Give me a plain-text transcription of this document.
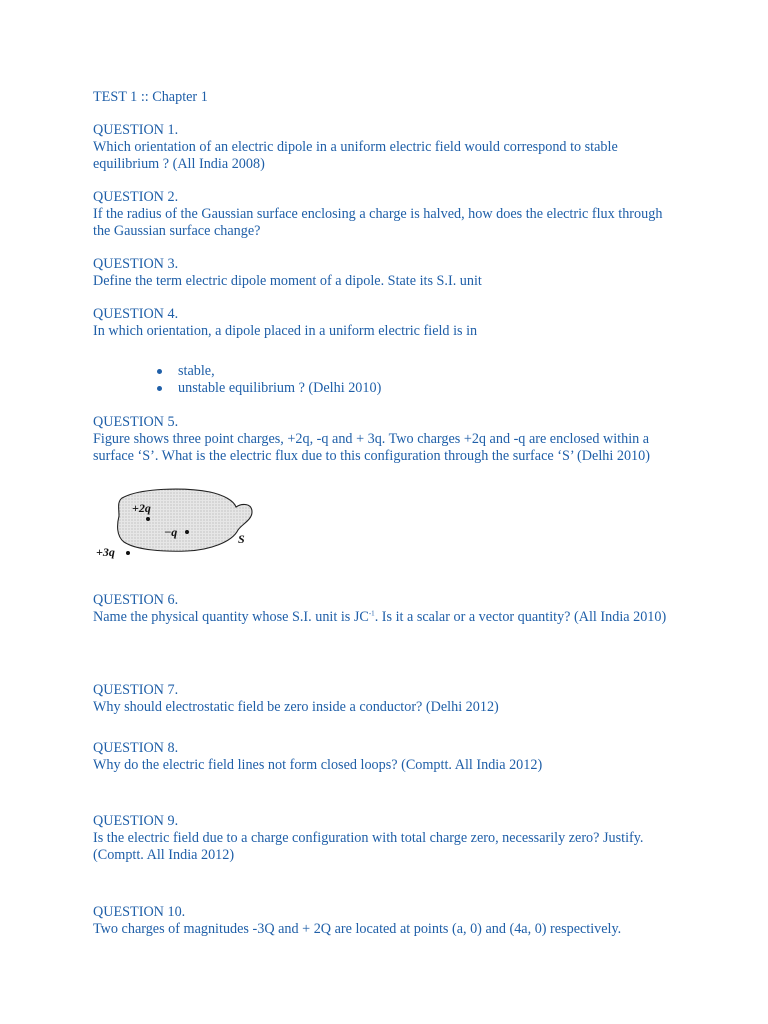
TEST 1 :: Chapter 1

QUESTION 1.

Which orientation of an electric dipole in a uniform electric field would correspond to stable equilibrium ? (All India 2008)

QUESTION 2.

If the radius of the Gaussian surface enclosing a charge is halved, how does the electric flux through the Gaussian surface change?

QUESTION 3.

Define the term electric dipole moment of a dipole. State its S.I. unit

QUESTION 4.

In which orientation, a dipole placed in a uniform electric field is in

stable,
unstable equilibrium ? (Delhi 2010)

QUESTION 5.

Figure shows three point charges, +2q, -q and + 3q. Two charges +2q and -q are enclosed within a surface ‘S’. What is the electric flux due to this configuration through the surface ‘S’ (Delhi 2010)

+2q
−q
+3q
S

QUESTION 6.

Name the physical quantity whose S.I. unit is $JC^{-1}$. Is it a scalar or a vector quantity? (All India 2010)

QUESTION 7.

Why should electrostatic field be zero inside a conductor? (Delhi 2012)

QUESTION 8.

Why do the electric field lines not form closed loops? (Comptt. All India 2012)

QUESTION 9.

Is the electric field due to a charge configuration with total charge zero, necessarily zero? Justify. (Comptt. All India 2012)

QUESTION 10.

Two charges of magnitudes -3Q and + 2Q are located at points (a, 0) and (4a, 0) respectively.
